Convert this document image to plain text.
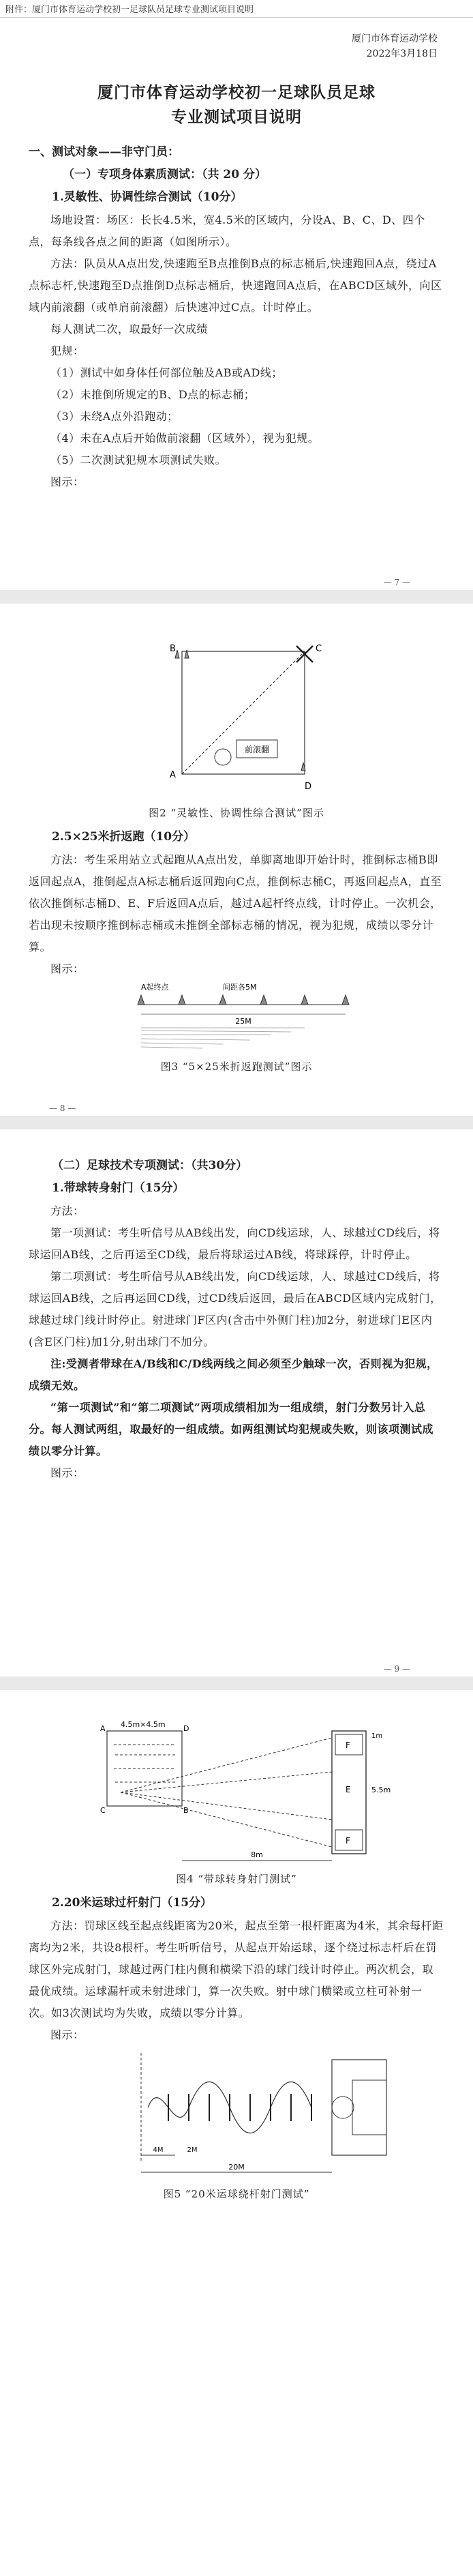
附件：厦门市体育运动学校初一足球队员足球专业测试项目说明
厦门市体育运动学校
2022年3月18日
厦门市体育运动学校初一足球队员足球
专业测试项目说明
一、测试对象——非守门员：
（一）专项身体素质测试：（共 20 分）
1.灵敏性、协调性综合测试（10分）

场地设置：场区：长长4.5米，宽4.5米的区域内，分设A、B、C、D、四个点，每条线各点之间的距离（如图所示）。

方法：队员从A点出发,快速跑至B点推倒B点的标志桶后,快速跑回A点，绕过A点标志杆,快速跑至D点推倒D点标志桶后，快速跑回A点后，在ABCD区域外，向区域内前滚翻（或单肩前滚翻）后快速冲过C点。计时停止。

每人测试二次，取最好一次成绩

犯规：

（1）测试中如身体任何部位触及AB或AD线；

（2）未推倒所规定的B、D点的标志桶；

（3）未绕A点外沿跑动；

（4）未在A点后开始做前滚翻（区域外），视为犯规。

（5）二次测试犯规本项测试失败。

图示：

— 7 —
前滚翻
A
B	C
D
图2 “灵敏性、协调性综合测试”图示
2.5×25米折返跑（10分）

方法：考生采用站立式起跑从A点出发，单脚离地即开始计时，推倒标志桶B即返回起点A，推倒起点A标志桶后返回跑向C点，推倒标志桶C，再返回起点A，直至依次推倒标志桶D、E、F后返回A点后，越过A起杆终点线，计时停止。一次机会，若出现未按顺序推倒标志桶或未推倒全部标志桶的情况，视为犯规，成绩以零分计算。

图示：

A起终点	间距各5M
25M
图3 “5×25米折返跑测试”图示
— 8 —
（二）足球技术专项测试：（共30分）
1.带球转身射门（15分）

方法：

第一项测试：考生听信号从AB线出发，向CD线运球，人、球越过CD线后，将球运回AB线，之后再运至CD线，最后将球运过AB线，将球踩停，计时停止。

第二项测试：考生听信号从AB线出发，向CD线运球，人、球越过CD线后，将球运回AB线，之后再运回CD线，过CD线后返回，最后在ABCD区域内完成射门，球越过球门线计时停止。射进球门F区内(含击中外侧门柱)加2分，射进球门E区内(含E区门柱)加1分,射出球门不加分。

注:受测者带球在A/B线和C/D线两线之间必须至少触球一次，否则视为犯规，成绩无效。

“第一项测试”和“第二项测试”两项成绩相加为一组成绩，射门分数另计入总分。每人测试两组，取最好的一组成绩。如两组测试均犯规或失败，则该项测试成绩以零分计算。

图示：

— 9 —
4.5m×4.5m
F
E
F
1m
5.5m
8m
A
C
D
B
图4 “带球转身射门测试”
2.20米运球过杆射门（15分）

方法：罚球区线至起点线距离为20米，起点至第一根杆距离为4米，其余每杆距离均为2米，共设8根杆。考生听听信号，从起点开始运球，逐个绕过标志杆后在罚球区外完成射门，球越过两门柱内侧和横梁下沿的球门线计时停止。两次机会，取最优成绩。运球漏杆或未射进球门，算一次失败。射中球门横梁或立柱可补射一次。如3次测试均为失败，成绩以零分计算。

图示：

4M	2M
20M
图5 “20米运球绕杆射门测试”
